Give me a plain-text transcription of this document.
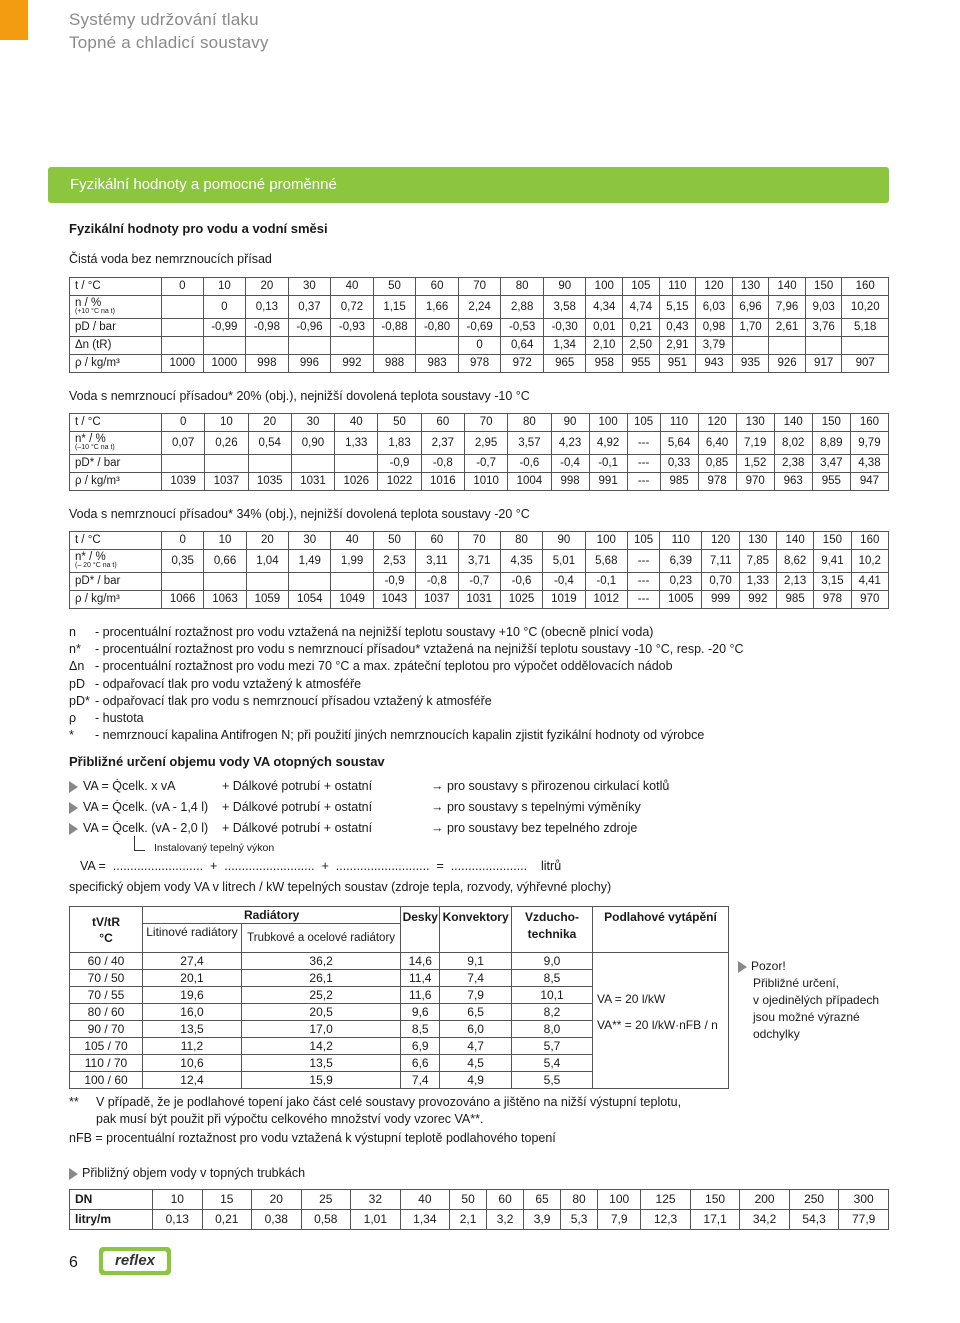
Systémy udržování tlaku
Topné a chladicí soustavy
Fyzikální hodnoty a pomocné proměnné
Fyzikální hodnoty pro vodu a vodní směsi
Čistá voda bez nemrznoucích přísad
t / °C	0	10	20	30	40	50	60	70	80	90	100	105	110	120	130	140	150	160
n / %
(+10 °C na t)		0	0,13	0,37	0,72	1,15	1,66	2,24	2,88	3,58	4,34	4,74	5,15	6,03	6,96	7,96	9,03	10,20
pD / bar		-0,99	-0,98	-0,96	-0,93	-0,88	-0,80	-0,69	-0,53	-0,30	0,01	0,21	0,43	0,98	1,70	2,61	3,76	5,18
Δn (tR)								0	0,64	1,34	2,10	2,50	2,91	3,79				
ρ / kg/m³	1000	1000	998	996	992	988	983	978	972	965	958	955	951	943	935	926	917	907
Voda s nemrznoucí přísadou* 20% (obj.), nejnižší dovolená teplota soustavy -10 °C
t / °C	0	10	20	30	40	50	60	70	80	90	100	105	110	120	130	140	150	160
n* / %
(–10 °C na t)	0,07	0,26	0,54	0,90	1,33	1,83	2,37	2,95	3,57	4,23	4,92	---	5,64	6,40	7,19	8,02	8,89	9,79
pD* / bar						-0,9	-0,8	-0,7	-0,6	-0,4	-0,1	---	0,33	0,85	1,52	2,38	3,47	4,38
ρ / kg/m³	1039	1037	1035	1031	1026	1022	1016	1010	1004	998	991	---	985	978	970	963	955	947
Voda s nemrznoucí přísadou* 34% (obj.), nejnižší dovolená teplota soustavy -20 °C
t / °C	0	10	20	30	40	50	60	70	80	90	100	105	110	120	130	140	150	160
n* / %
(– 20 °C na t)	0,35	0,66	1,04	1,49	1,99	2,53	3,11	3,71	4,35	5,01	5,68	---	6,39	7,11	7,85	8,62	9,41	10,2
pD* / bar						-0,9	-0,8	-0,7	-0,6	-0,4	-0,1	---	0,23	0,70	1,33	2,13	3,15	4,41
ρ / kg/m³	1066	1063	1059	1054	1049	1043	1037	1031	1025	1019	1012	---	1005	999	992	985	978	970
n - procentuální roztažnost pro vodu vztažená na nejnižší teplotu soustavy +10 °C (obecně plnicí voda)
n* - procentuální roztažnost pro vodu s nemrznoucí přísadou* vztažená na nejnižší teplotu soustavy -10 °C, resp. -20 °C
Δn - procentuální roztažnost pro vodu mezi 70 °C a max. zpáteční teplotou pro výpočet oddělovacích nádob
pD - odpařovací tlak pro vodu vztažený k atmosféře
pD* - odpařovací tlak pro vodu s nemrznoucí přísadou vztažený k atmosféře
ρ - hustota
* - nemrznoucí kapalina Antifrogen N; při použití jiných nemrznoucích kapalin zjistit fyzikální hodnoty od výrobce
Přibližné určení objemu vody VA otopných soustav
VA = Q̇celk. x vA	+ Dálkové potrubí + ostatní	→ pro soustavy s přirozenou cirkulací kotlů
VA = Q̇celk. (vA - 1,4 l) + Dálkové potrubí + ostatní	→ pro soustavy s tepelnými výměníky
VA = Q̇celk. (vA - 2,0 l) + Dálkové potrubí + ostatní	→ pro soustavy bez tepelného zdroje
Instalovaný tepelný výkon
VA =  ..........................  +  ..........................  +  ...........................  =  ......................    litrů
specifický objem vody VA v litrech / kW tepelných soustav (zdroje tepla, rozvody, výhřevné plochy)
tV/tR
°C	Radiátory		Desky	Konvektory	Vzducho-technika	Podlahové vytápění
	Litinové radiátory	Trubkové a ocelové radiátory				
60 / 40	27,4	36,2	14,6	9,1	9,0	VA = 20 l/kW
VA** = 20 l/kW·nFB / n

70 / 50	20,1	26,1	11,4	7,4	8,5	
70 / 55	19,6	25,2	11,6	7,9	10,1	
80 / 60	16,0	20,5	9,6	6,5	8,2	
90 / 70	13,5	17,0	8,5	6,0	8,0	
105 / 70	11,2	14,2	6,9	4,7	5,7	
110 / 70	10,6	13,5	6,6	4,5	5,4	
100 / 60	12,4	15,9	7,4	4,9	5,5	
Pozor!
Přibližné určení,
v ojedinělých případech
jsou možné výrazné
odchylky
** V případě, že je podlahové topení jako část celé soustavy provozováno a jištěno na nižší výstupní teplotu,
pak musí být použit při výpočtu celkového množství vody vzorec VA**.
nFB = procentuální roztažnost pro vodu vztažená k výstupní teplotě podlahového topení
Přibližný objem vody v topných trubkách
DN	10	15	20	25	32	40	50	60	65	80	100	125	150	200	250	300
litry/m	0,13	0,21	0,38	0,58	1,01	1,34	2,1	3,2	3,9	5,3	7,9	12,3	17,1	34,2	54,3	77,9
6	reflex
